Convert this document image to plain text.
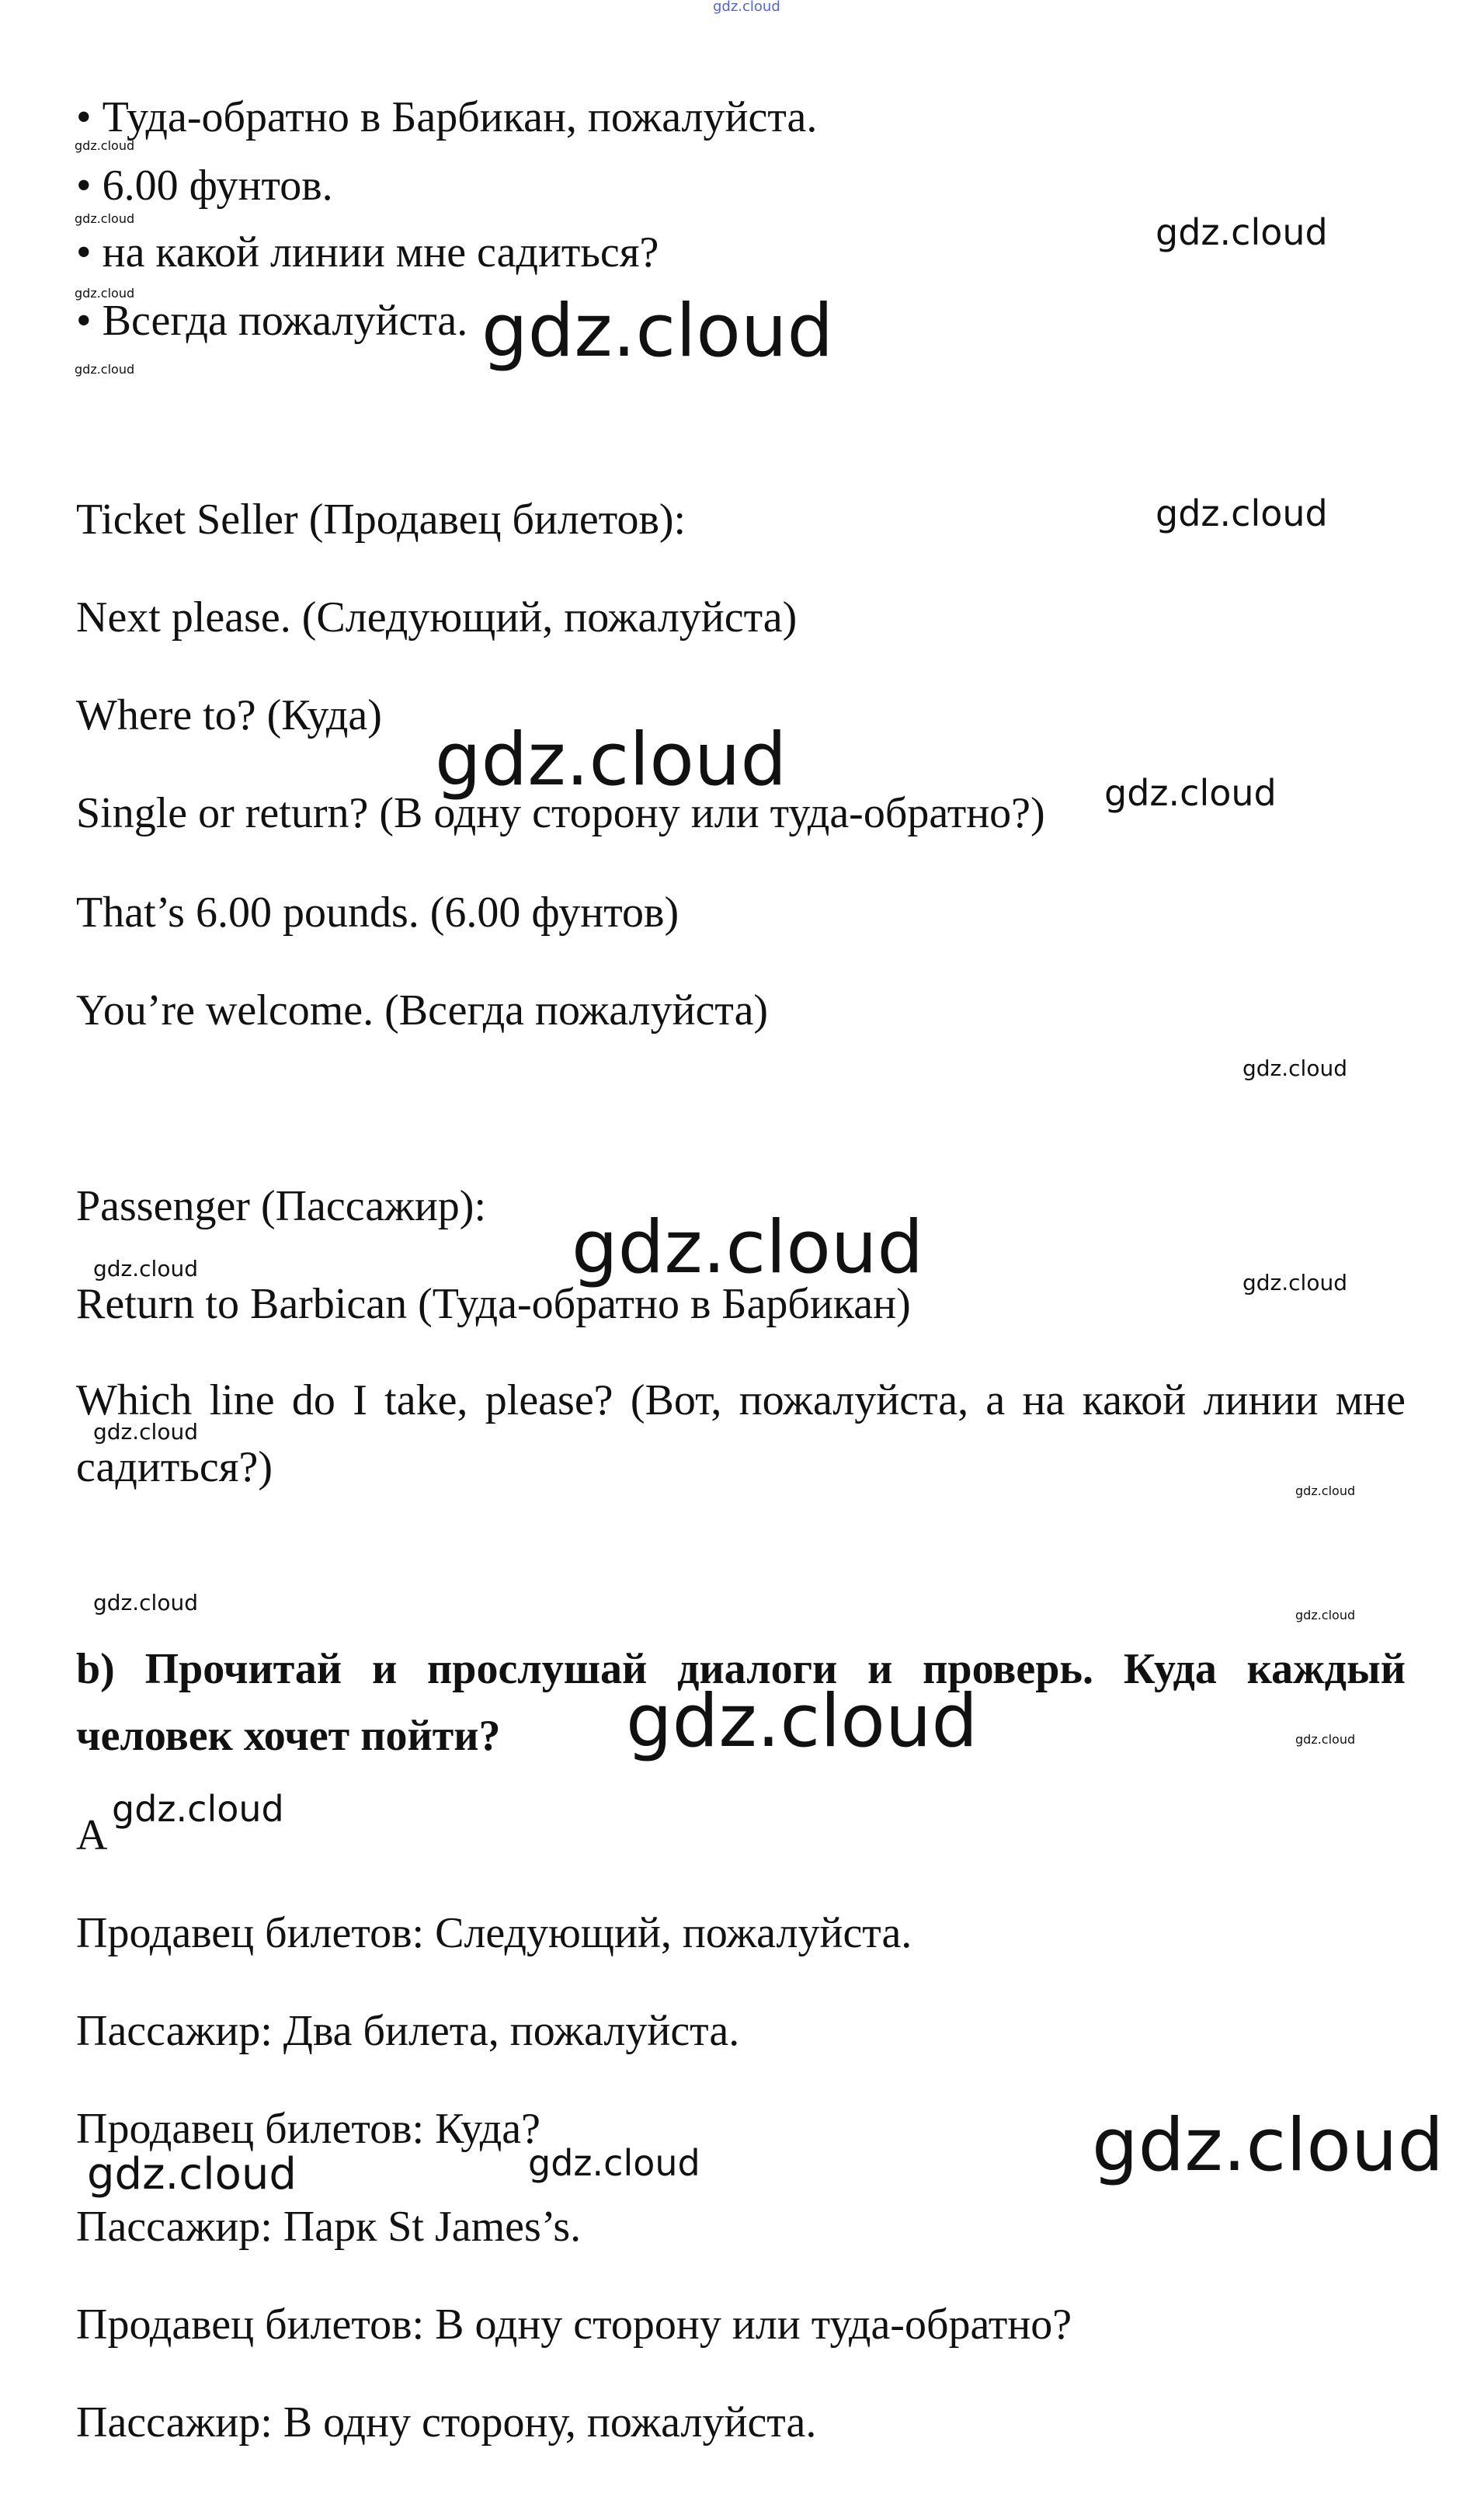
gdz.cloud
• Туда-обратно в Барбикан, пожалуйста.
• 6.00 фунтов.
• на какой линии мне садиться?
• Всегда пожалуйста.
gdz.cloud
gdz.cloud
gdz.cloud
gdz.cloud
gdz.cloud
gdz.cloud
Ticket Seller (Продавец билетов):
Next please. (Следующий, пожалуйста)
Where to? (Куда)
Single or return? (В одну сторону или туда-обратно?)
That’s 6.00 pounds. (6.00 фунтов)
You’re welcome. (Всегда пожалуйста)
gdz.cloud
gdz.cloud	gdz.cloud
gdz.cloud
Passenger (Пассажир):
Return to Barbican (Туда-обратно в Барбикан)
Which line do I take, please? (Вот, пожалуйста, а на какой линии мне садиться?)
gdz.cloud
gdz.cloud
gdz.cloud
gdz.cloud
gdz.cloud
gdz.cloud	gdz.cloud
b) Прочитай и прослушай диалоги и проверь. Куда каждый человек хочет пойти?	gdz.cloud	gdz.cloud
A
gdz.cloud
Продавец билетов: Следующий, пожалуйста.
Пассажир: Два билета, пожалуйста.
Продавец билетов: Куда?
Пассажир: Парк St James’s.
Продавец билетов: В одну сторону или туда-обратно?
Пассажир: В одну сторону, пожалуйста.
gdz.cloud	gdz.cloud	gdz.cloud
